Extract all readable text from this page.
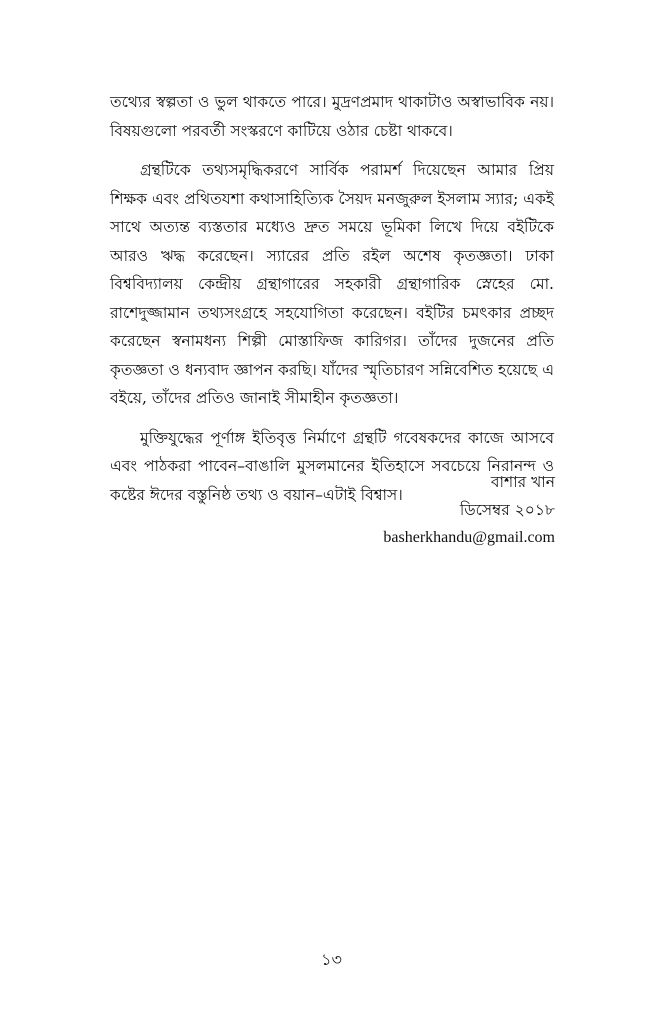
তথ্যের স্বল্পতা ও ভুল থাকতে পারে। মুদ্রণপ্রমাদ থাকাটাও অস্বাভাবিক নয়। বিষয়গুলো পরবর্তী সংস্করণে কাটিয়ে ওঠার চেষ্টা থাকবে।

গ্রন্থটিকে তথ্যসমৃদ্ধিকরণে সার্বিক পরামর্শ দিয়েছেন আমার প্রিয় শিক্ষক এবং প্রথিতযশা কথাসাহিত্যিক সৈয়দ মনজুরুল ইসলাম স্যার; একই সাথে অত্যন্ত ব্যস্ততার মধ্যেও দ্রুত সময়ে ভূমিকা লিখে দিয়ে বইটিকে আরও ঋদ্ধ করেছেন। স্যারের প্রতি রইল অশেষ কৃতজ্ঞতা। ঢাকা বিশ্ববিদ্যালয় কেন্দ্রীয় গ্রন্থাগারের সহকারী গ্রন্থাগারিক স্নেহের মো. রাশেদুজ্জামান তথ্যসংগ্রহে সহযোগিতা করেছেন। বইটির চমৎকার প্রচ্ছদ করেছেন স্বনামধন্য শিল্পী মোস্তাফিজ কারিগর। তাঁদের দুজনের প্রতি কৃতজ্ঞতা ও ধন্যবাদ জ্ঞাপন করছি। যাঁদের স্মৃতিচারণ সন্নিবেশিত হয়েছে এ বইয়ে, তাঁদের প্রতিও জানাই সীমাহীন কৃতজ্ঞতা।

মুক্তিযুদ্ধের পূর্ণাঙ্গ ইতিবৃত্ত নির্মাণে গ্রন্থটি গবেষকদের কাজে আসবে এবং পাঠকরা পাবেন–বাঙালি মুসলমানের ইতিহাসে সবচেয়ে নিরানন্দ ও কষ্টের ঈদের বস্তুনিষ্ঠ তথ্য ও বয়ান–এটাই বিশ্বাস।

বাশার খান
ডিসেম্বর ২০১৮
basherkhandu@gmail.com
১৩
